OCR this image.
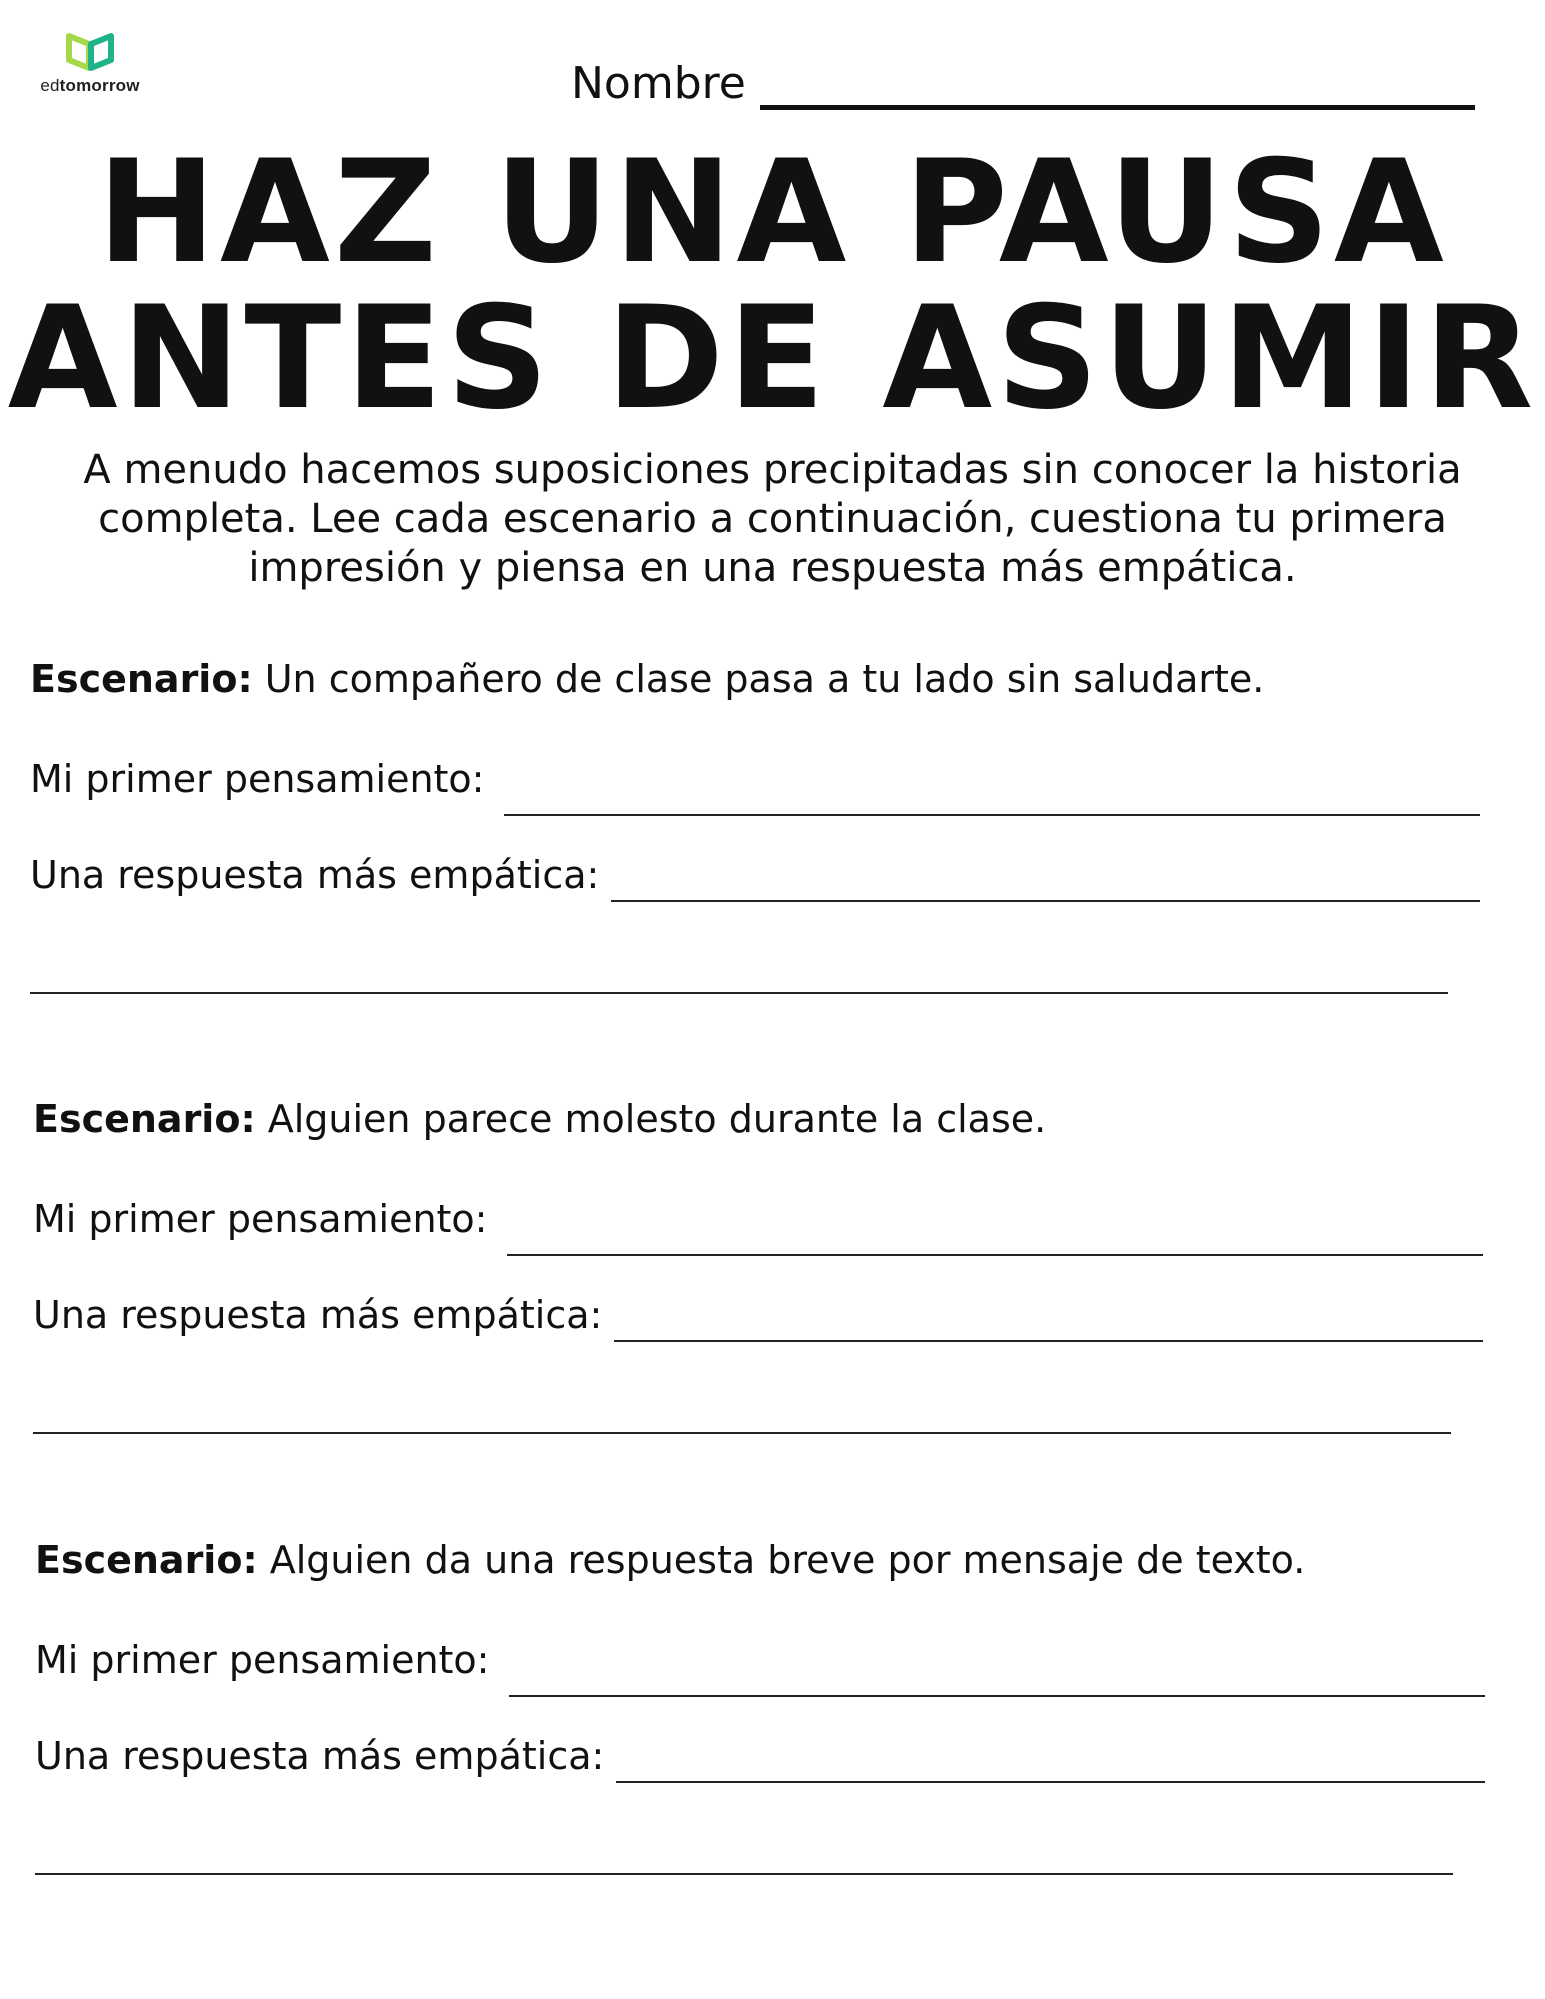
edtomorrow	Nombre
HAZ UNA PAUSA
ANTES DE ASUMIR

A menudo hacemos suposiciones precipitadas sin conocer la historia completa. Lee cada escenario a continuación, cuestiona tu primera impresión y piensa en una respuesta más empática.

Escenario: Un compañero de clase pasa a tu lado sin saludarte.

Mi primer pensamiento:
Una respuesta más empática:

Escenario: Alguien parece molesto durante la clase.

Mi primer pensamiento:
Una respuesta más empática:

Escenario: Alguien da una respuesta breve por mensaje de texto.

Mi primer pensamiento:
Una respuesta más empática:
